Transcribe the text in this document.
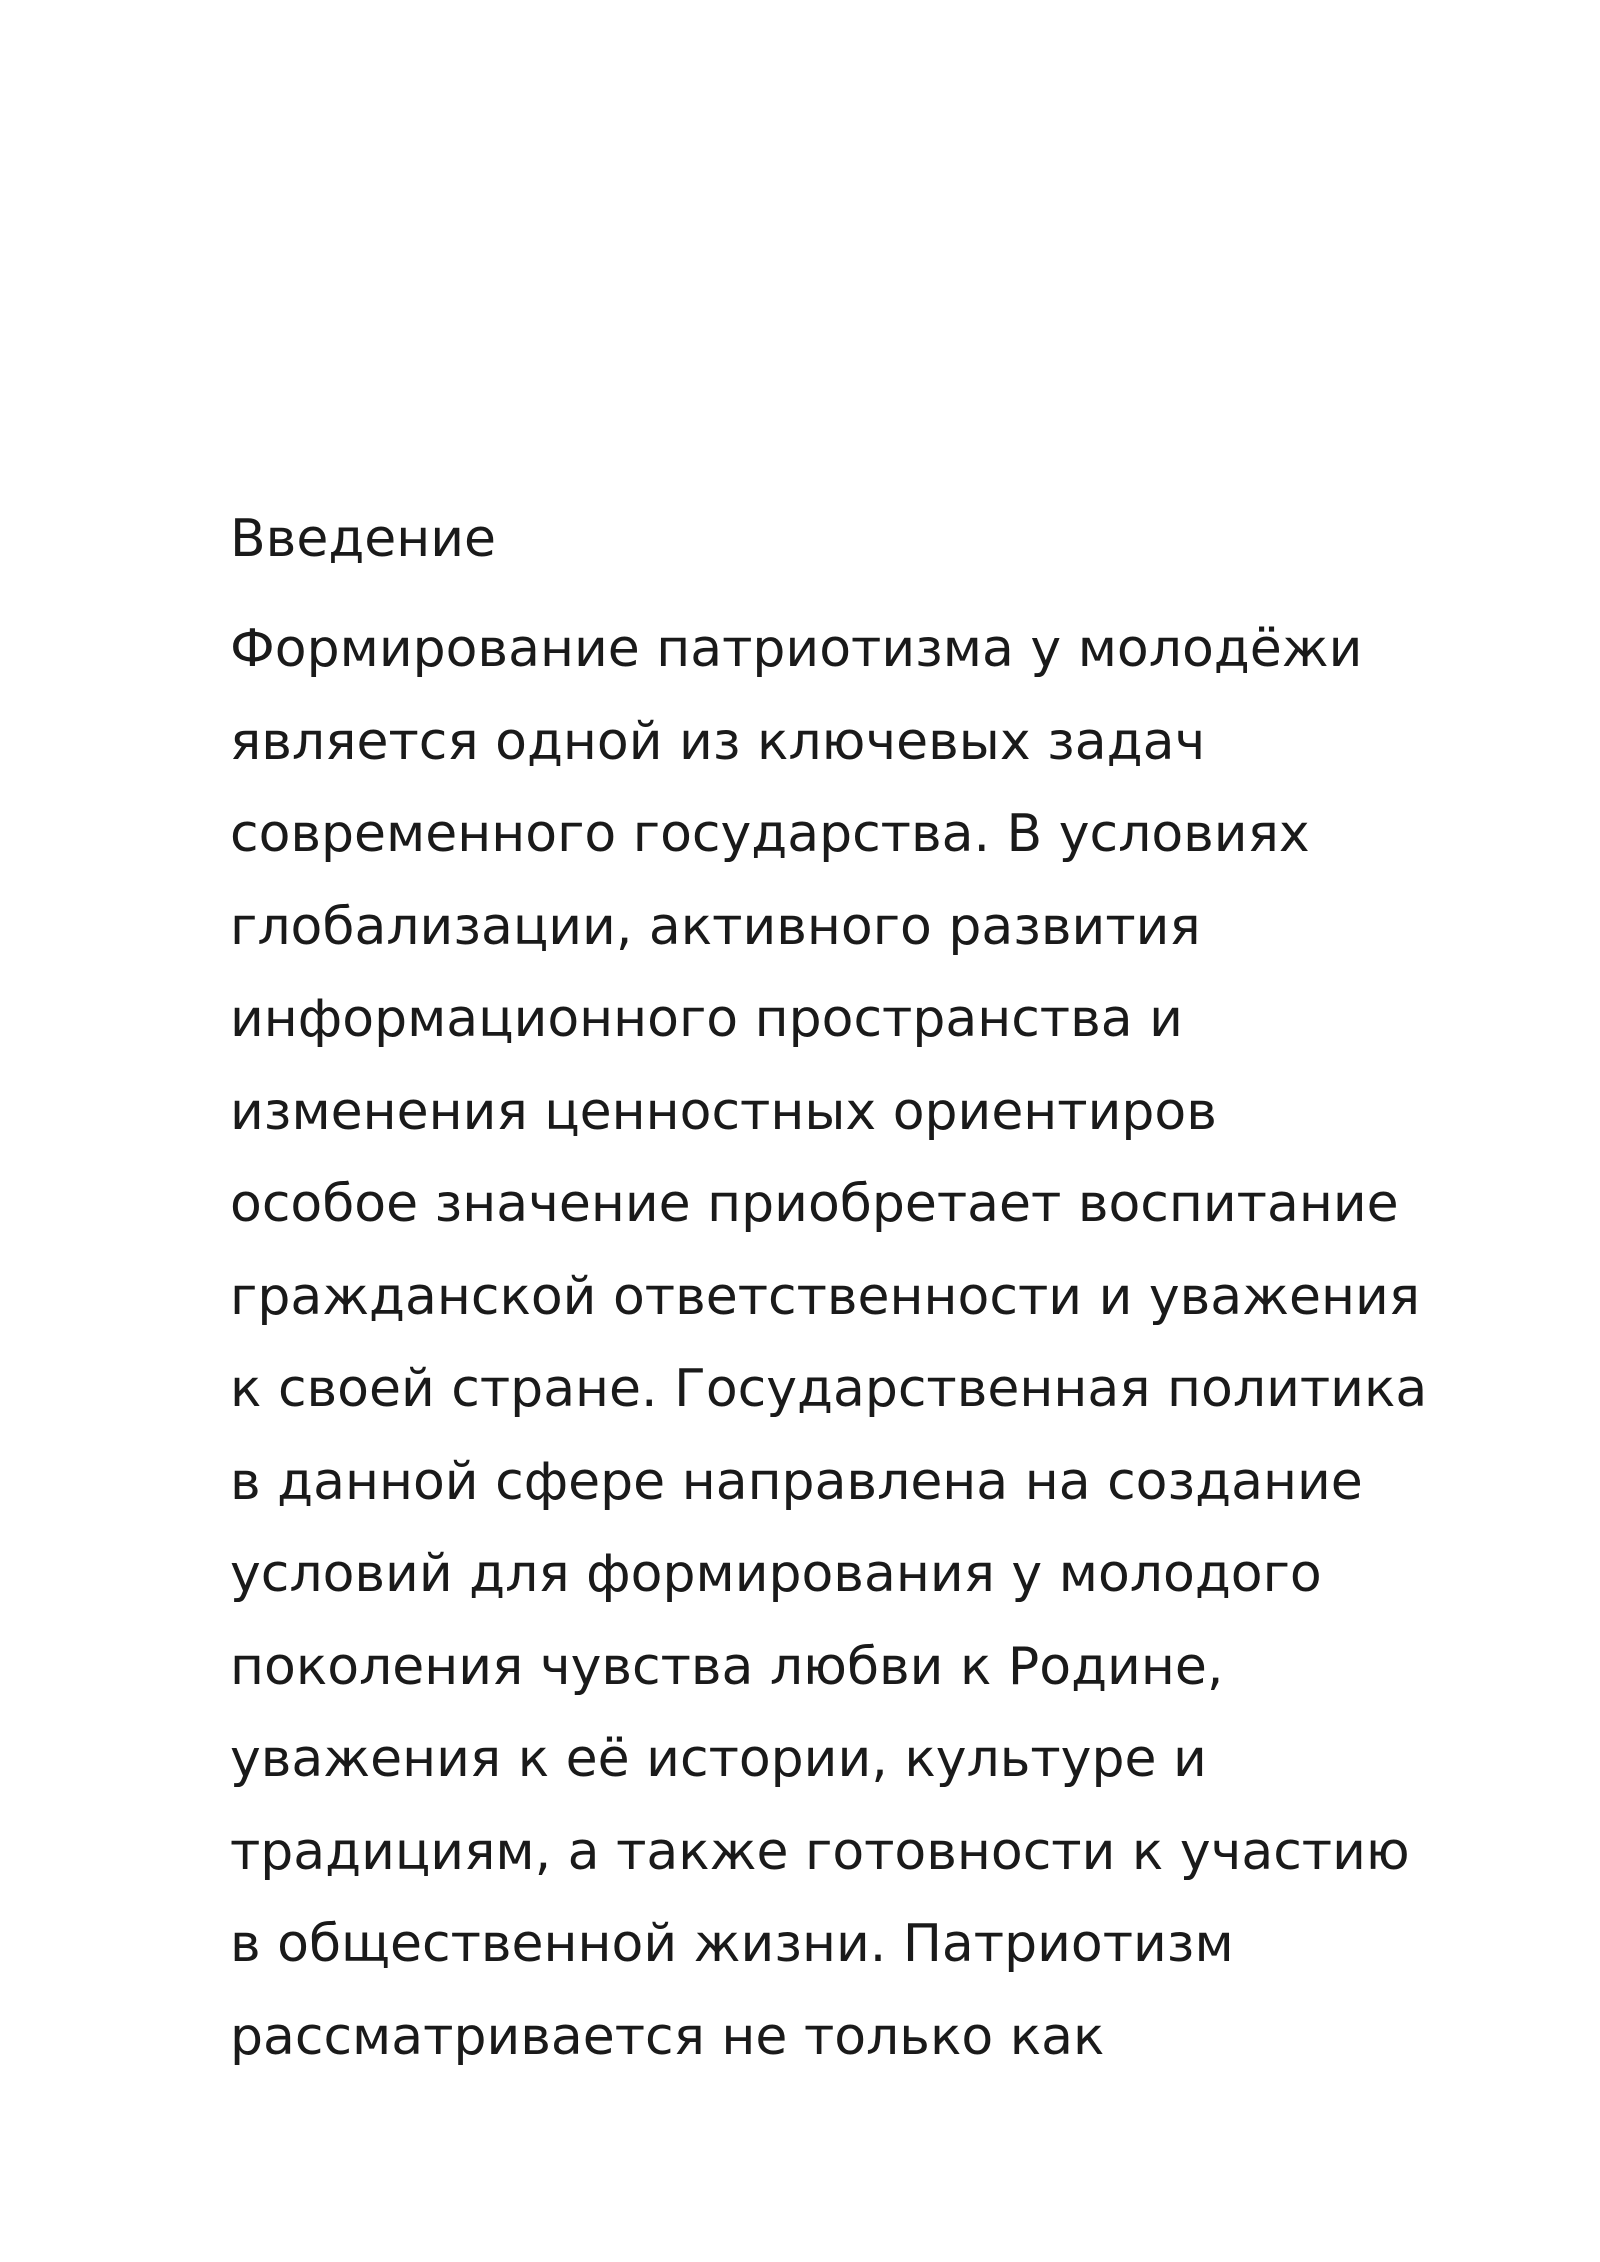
Введение
Формирование патриотизма у молодёжи
является одной из ключевых задач
современного государства. В условиях
глобализации, активного развития
информационного пространства и
изменения ценностных ориентиров
особое значение приобретает воспитание
гражданской ответственности и уважения
к своей стране. Государственная политика
в данной сфере направлена на создание
условий для формирования у молодого
поколения чувства любви к Родине,
уважения к её истории, культуре и
традициям, а также готовности к участию
в общественной жизни. Патриотизм
рассматривается не только как
